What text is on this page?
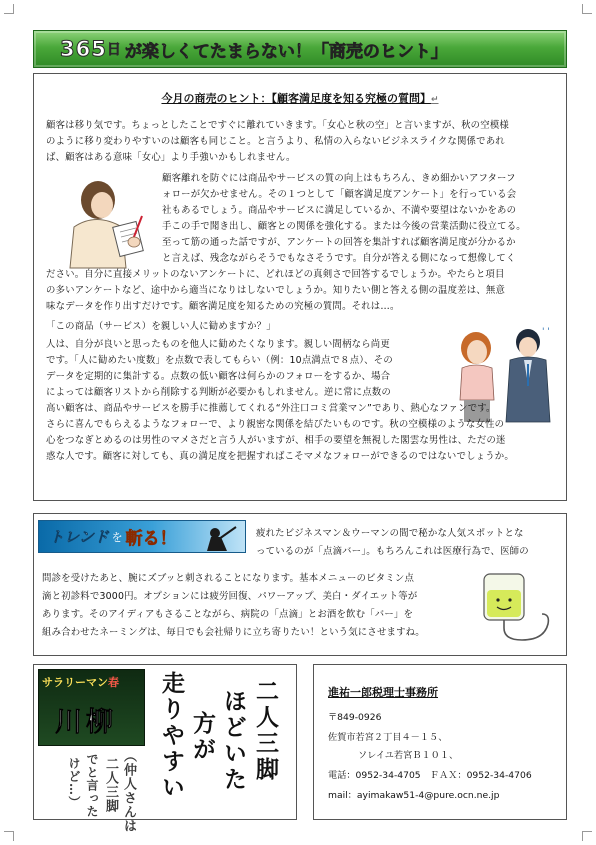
365 日 が楽しくてたまらない！ 「商売のヒント」
今月の商売のヒント：【顧客満足度を知る究極の質問】↵
顧客は移り気です。ちょっとしたことですぐに離れていきます。「女心と秋の空」と言いますが、秋の空模様
のように移り変わりやすいのは顧客も同じこと。と言うより、私情の入らないビジネスライクな関係であれ
ば、顧客はある意味「女心」より手強いかもしれません。
顧客離れを防ぐには商品やサービスの質の向上はもちろん、きめ細かいアフターフ
ォローが欠かせません。その１つとして「顧客満足度アンケート」を行っている会
社もあるでしょう。商品やサービスに満足しているか、不満や要望はないかをあの
手この手で聞き出し、顧客との関係を強化する。または今後の営業活動に役立てる。
至って筋の通った話ですが、アンケートの回答を集計すれば顧客満足度が分かるか
と言えば、残念ながらそうでもなさそうです。自分が答える側になって想像してく
ださい。自分に直接メリットのないアンケートに、どれほどの真剣さで回答するでしょうか。やたらと項目
の多いアンケートなど、途中から適当になりはしないでしょうか。知りたい側と答える側の温度差は、無意
味なデータを作り出すだけです。顧客満足度を知るための究極の質問。それは…。
「この商品（サービス）を親しい人に勧めますか？」
人は、自分が良いと思ったものを他人に勧めたくなります。親しい間柄なら尚更
です。「人に勧めたい度数」を点数で表してもらい（例：10点満点で８点）、その
データを定期的に集計する。点数の低い顧客は何らかのフォローをするか、場合
によっては顧客リストから削除する判断が必要かもしれません。逆に常に点数の
' '
高い顧客は、商品やサービスを勝手に推薦してくれる“外注口コミ営業マン”であり、熱心なファンです。
さらに喜んでもらえるようなフォローで、より親密な関係を結びたいものです。秋の空模様のような女性の
心をつなぎとめるのは男性のマメさだと言う人がいますが、相手の要望を無視した閣雲な男性は、ただの迷
惑な人です。顧客に対しても、真の満足度を把握すればこそマメなフォローができるのではないでしょうか。
トレンド を 斬る！	疲れたビジネスマン＆ウーマンの間で秘かな人気スポットとな
っているのが「点滴バー」。もちろんこれは医療行為で、医師の
問診を受けたあと、腕にズブッと刺されることになります。基本メニューのビタミン点
滴と初診料で3000円。オプションには疲労回復、パワーアップ、美白・ダイエット等が
あります。そのアイディアもさることながら、病院の「点滴」とお酒を飲む「バー」を
組み合わせたネーミングは、毎日でも会社帰りに立ち寄りたい！という気にさせますね。
サラリーマン春
川柳	二人三脚
ほどいた
方が
走りやすい
（仲人さんは
二人三脚
でと言った
けど…）
進祐一郎税理士事務所
〒849-0926
佐賀市若宮２丁目４－１５、
ソレイユ若宮Ｂ１０１、
電話：0952-34-4705　ＦＡＸ：0952-34-4706
mail：ayimakaw51-4@pure.ocn.ne.jp
